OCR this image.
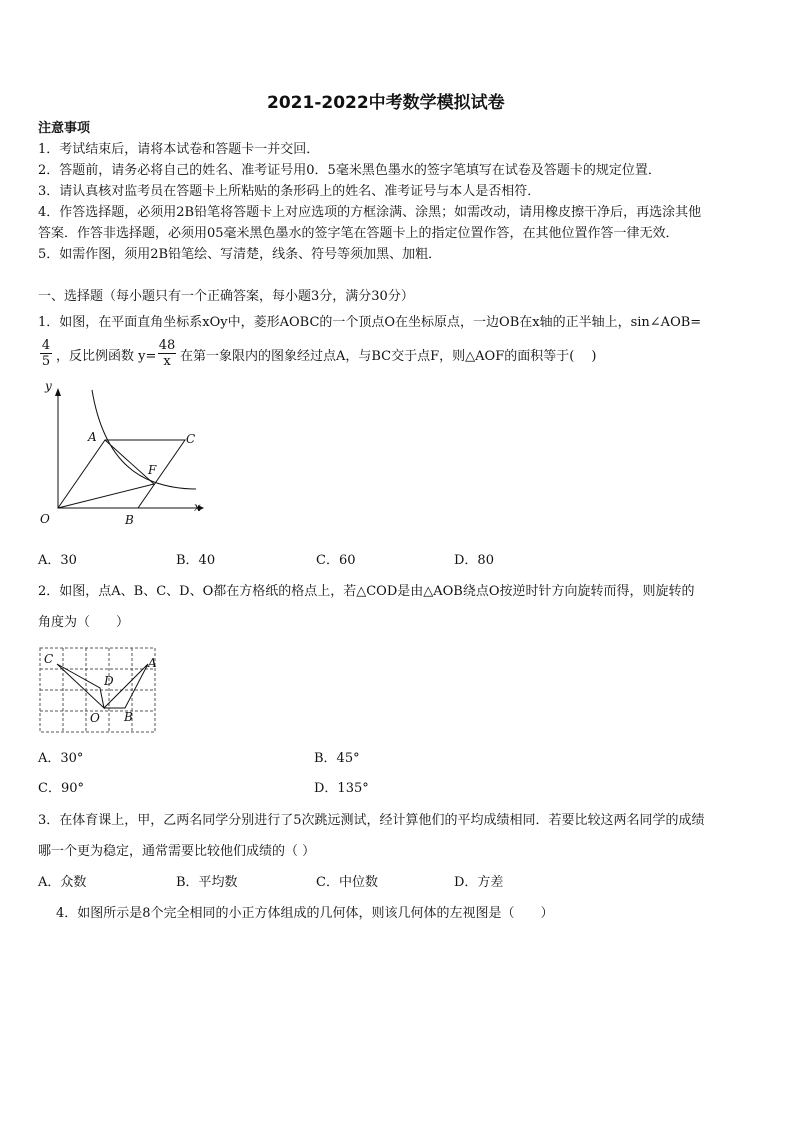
2021-2022中考数学模拟试卷
注意事项
1．考试结束后，请将本试卷和答题卡一并交回．
2．答题前，请务必将自己的姓名、准考证号用0．5毫米黑色墨水的签字笔填写在试卷及答题卡的规定位置．
3．请认真核对监考员在答题卡上所粘贴的条形码上的姓名、准考证号与本人是否相符．
4．作答选择题，必须用2B铅笔将答题卡上对应选项的方框涂满、涂黑；如需改动，请用橡皮擦干净后，再选涂其他
答案．作答非选择题，必须用05毫米黑色墨水的签字笔在答题卡上的指定位置作答，在其他位置作答一律无效．
5．如需作图，须用2B铅笔绘、写清楚，线条、符号等须加黑、加粗．
一、选择题（每小题只有一个正确答案，每小题3分，满分30分）
1．如图，在平面直角坐标系xOy中，菱形AOBC的一个顶点O在坐标原点，一边OB在x轴的正半轴上，sin∠AOB=
4
5 ，反比例函数 y=
48
x 在第一象限内的图象经过点A，与BC交于点F，则△AOF的面积等于(　 )
y
x
O
A	C
F
B
A．30	B．40	C．60	D．80
2．如图，点A、B、C、D、O都在方格纸的格点上，若△COD是由△AOB绕点O按逆时针方向旋转而得，则旋转的
角度为（　　）
C	A
D
O B
A．30°	B．45°
C．90°	D．135°
3．在体育课上，甲，乙两名同学分别进行了5次跳远测试，经计算他们的平均成绩相同．若要比较这两名同学的成绩
哪一个更为稳定，通常需要比较他们成绩的（ ）
A．众数	B．平均数	C．中位数	D．方差
4．如图所示是8个完全相同的小正方体组成的几何体，则该几何体的左视图是（　　）
